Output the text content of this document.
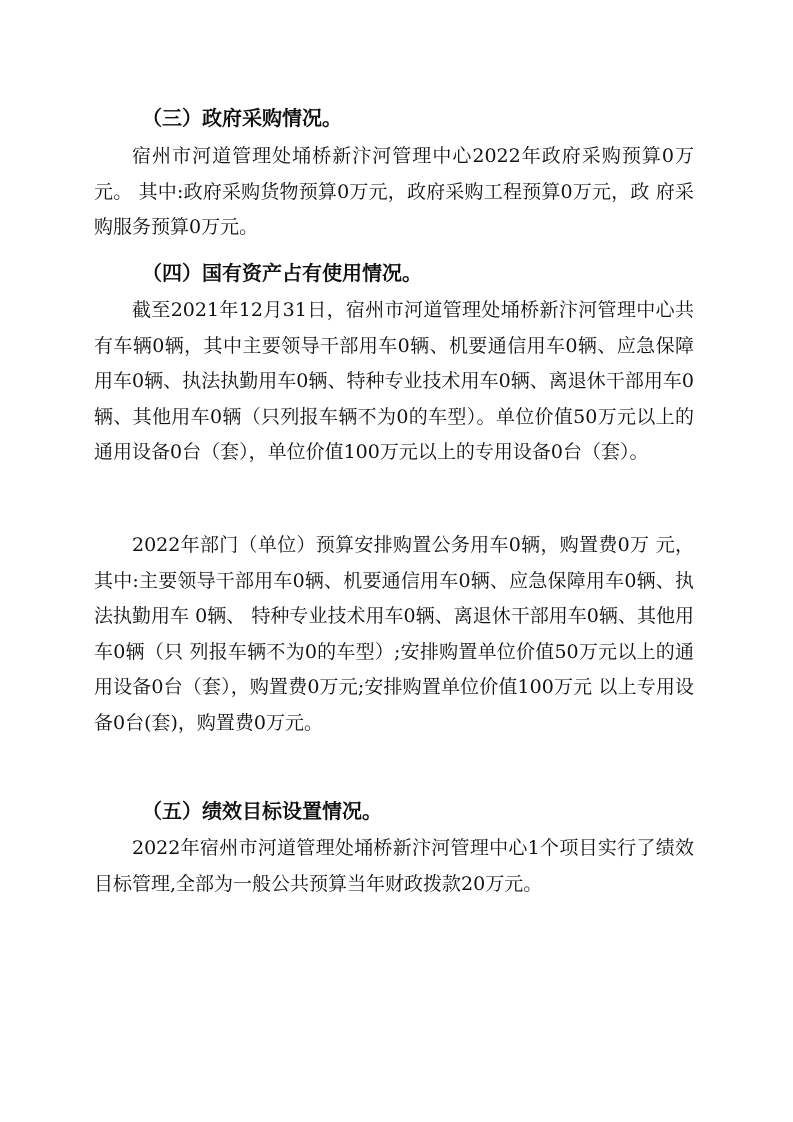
（三）政府采购情况。

宿州市河道管理处埇桥新汴河管理中心2022年政府采购预算0万元。 其中:政府采购货物预算0万元，政府采购工程预算0万元，政 府采购服务预算0万元。

（四）国有资产占有使用情况。

截至2021年12月31日，宿州市河道管理处埇桥新汴河管理中心共有车辆0辆，其中主要领导干部用车0辆、机要通信用车0辆、应急保障用车0辆、执法执勤用车0辆、特种专业技术用车0辆、离退休干部用车0辆、其他用车0辆（只列报车辆不为0的车型）。单位价值50万元以上的通用设备0台（套），单位价值100万元以上的专用设备0台（套）。

2022年部门（单位）预算安排购置公务用车0辆，购置费0万 元，其中:主要领导干部用车0辆、机要通信用车0辆、应急保障用车0辆、执法执勤用车 0辆、 特种专业技术用车0辆、离退休干部用车0辆、其他用车0辆（只 列报车辆不为0的车型）;安排购置单位价值50万元以上的通 用设备0台（套），购置费0万元;安排购置单位价值100万元 以上专用设备0台(套)，购置费0万元。

（五）绩效目标设置情况。

2022年宿州市河道管理处埇桥新汴河管理中心1个项目实行了绩效目标管理,全部为一般公共预算当年财政拨款20万元。
